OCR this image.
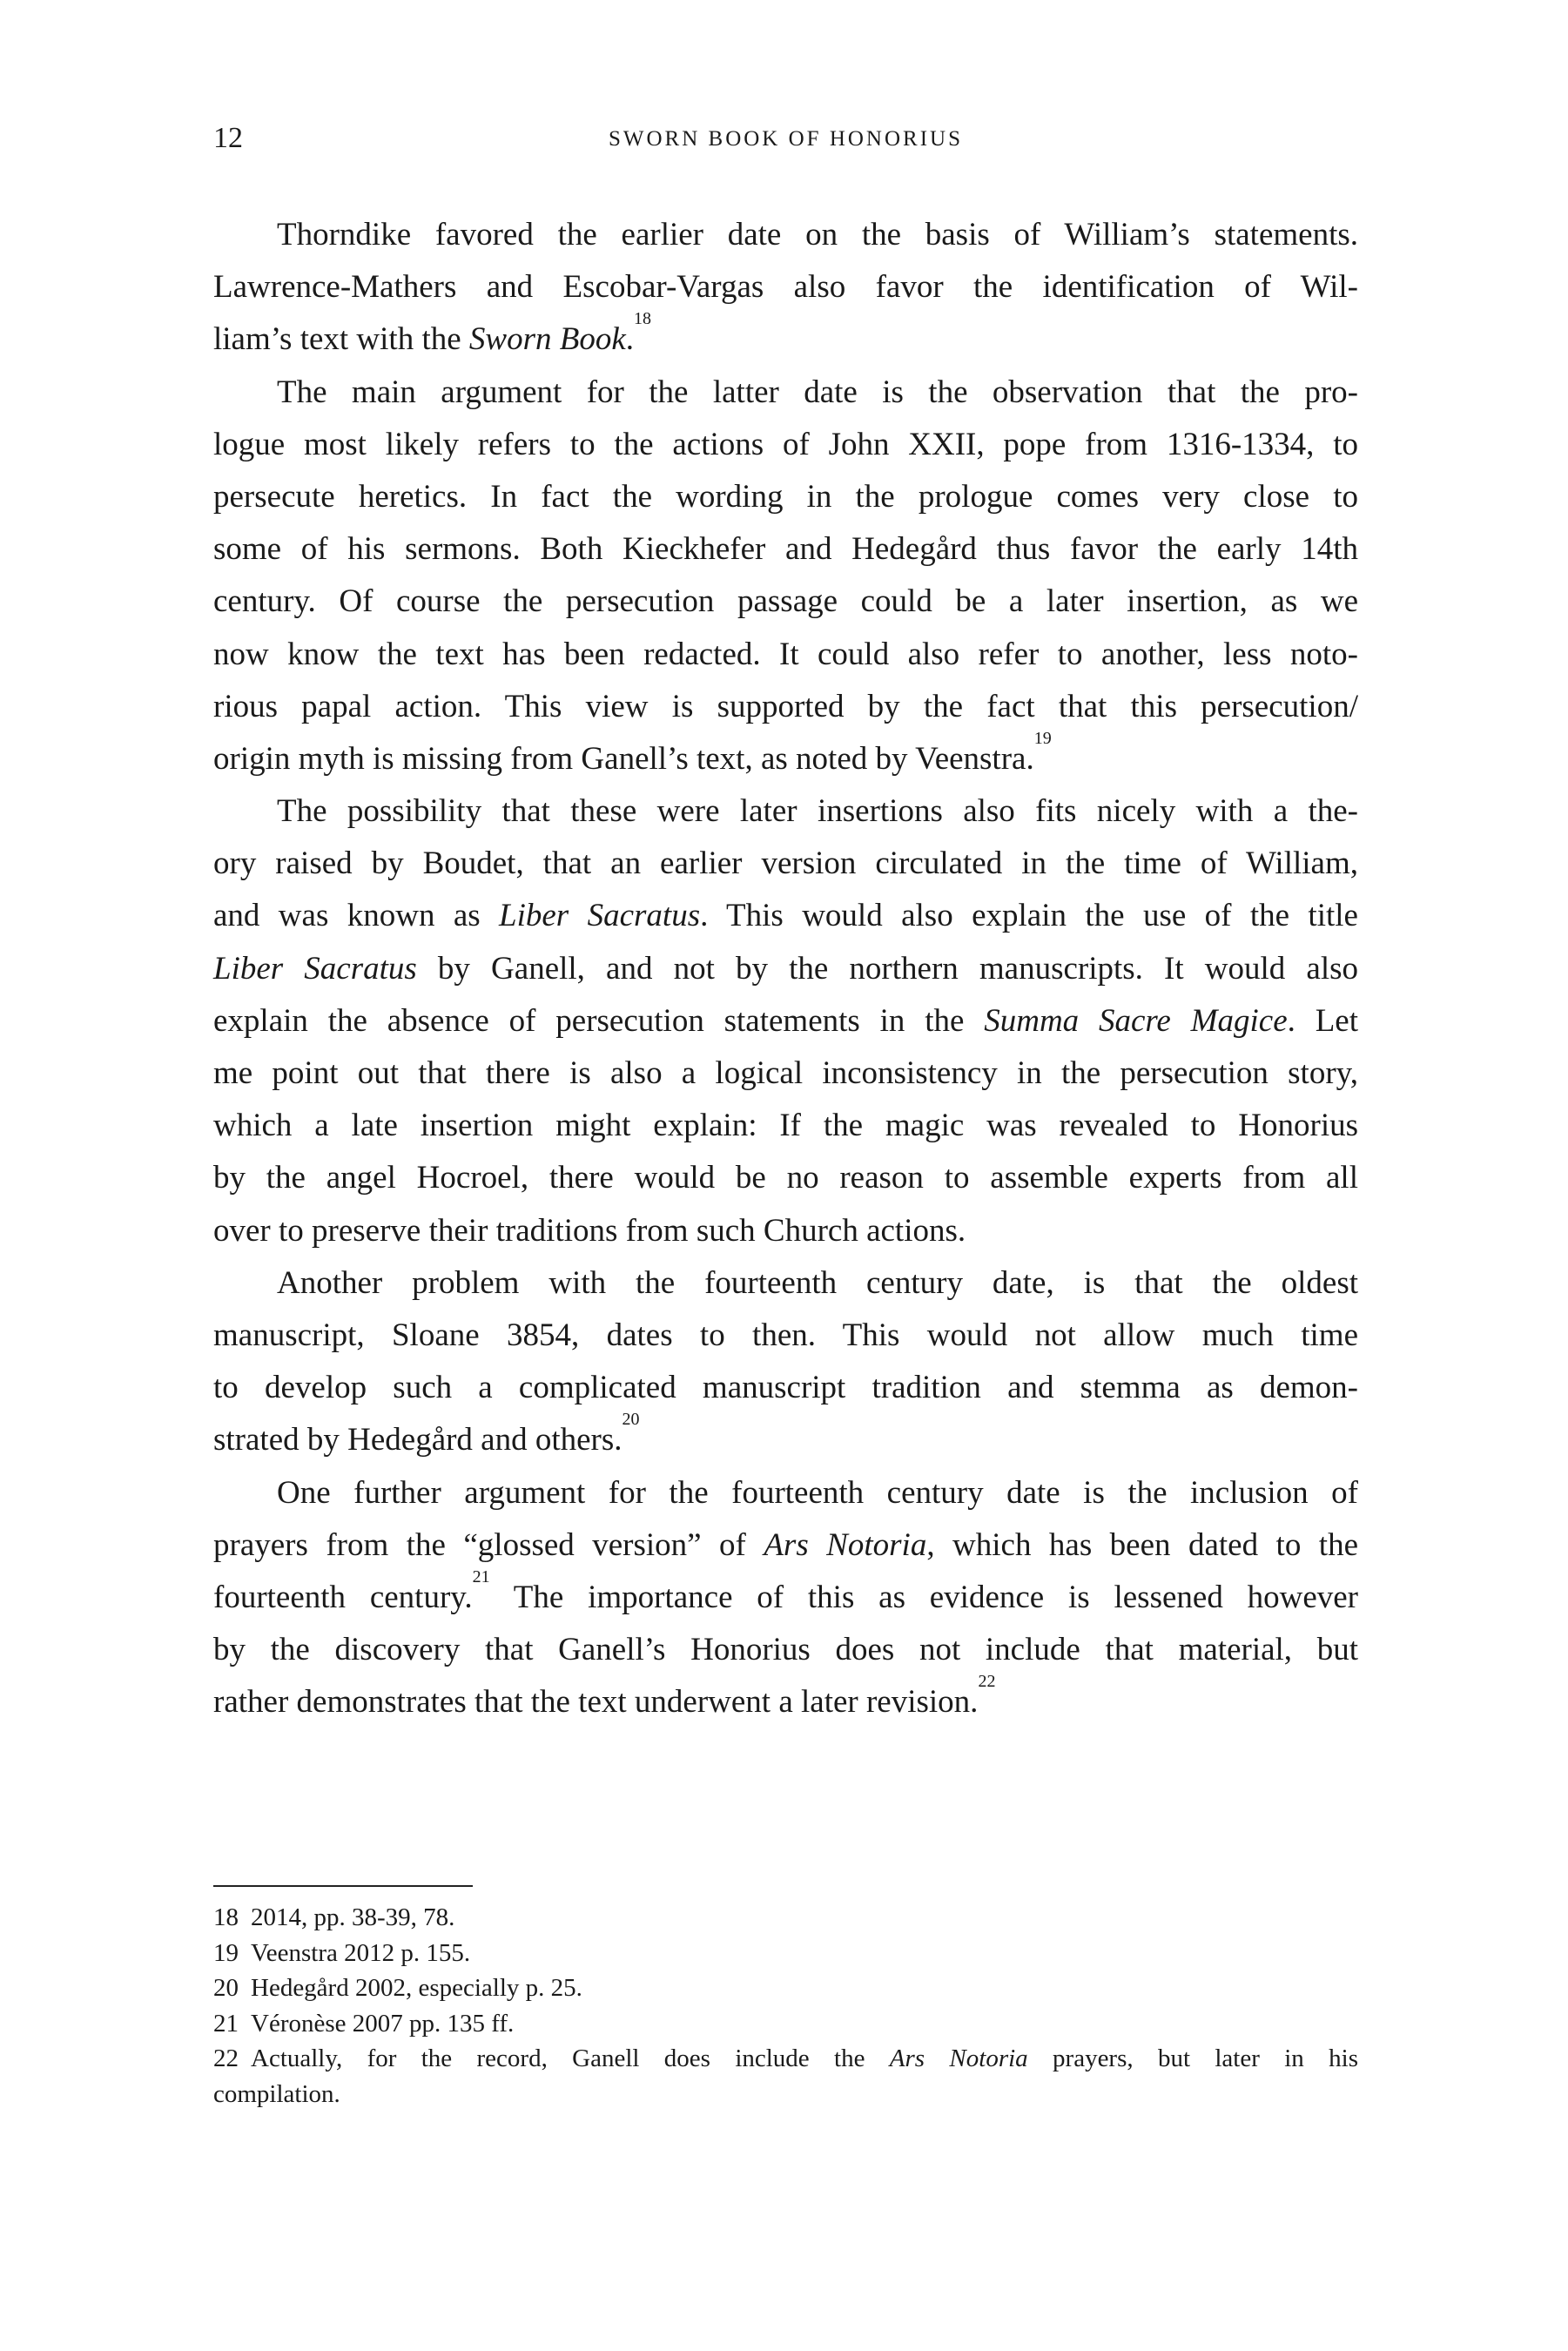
12	SWORN BOOK OF HONORIUS
Thorndike favored the earlier date on the basis of William’s statements.
Lawrence-Mathers and Escobar-Vargas also favor the identification of Wil-
liam’s text with the Sworn Book.$^{18}$
The main argument for the latter date is the observation that the pro-
logue most likely refers to the actions of John XXII, pope from 1316-1334, to
persecute heretics. In fact the wording in the prologue comes very close to
some of his sermons. Both Kieckhefer and Hedegård thus favor the early 14th
century. Of course the persecution passage could be a later insertion, as we
now know the text has been redacted. It could also refer to another, less noto-
rious papal action. This view is supported by the fact that this persecution/
origin myth is missing from Ganell’s text, as noted by Veenstra.$^{19}$
The possibility that these were later insertions also fits nicely with a the-
ory raised by Boudet, that an earlier version circulated in the time of William,
and was known as Liber Sacratus. This would also explain the use of the title
Liber Sacratus by Ganell, and not by the northern manuscripts. It would also
explain the absence of persecution statements in the Summa Sacre Magice. Let
me point out that there is also a logical inconsistency in the persecution story,
which a late insertion might explain: If the magic was revealed to Honorius
by the angel Hocroel, there would be no reason to assemble experts from all
over to preserve their traditions from such Church actions.
Another problem with the fourteenth century date, is that the oldest
manuscript, Sloane 3854, dates to then. This would not allow much time
to develop such a complicated manuscript tradition and stemma as demon-
strated by Hedegård and others.$^{20}$
One further argument for the fourteenth century date is the inclusion of
prayers from the “glossed version” of Ars Notoria, which has been dated to the
fourteenth century.$^{21}$ The importance of this as evidence is lessened however
by the discovery that Ganell’s Honorius does not include that material, but
rather demonstrates that the text underwent a later revision.$^{22}$
18 2014, pp. 38-39, 78.
19 Veenstra 2012 p. 155.
20 Hedegård 2002, especially p. 25.
21 Véronèse 2007 pp. 135 ff.
22 Actually, for the record, Ganell does include the Ars Notoria prayers, but later in his
compilation.
